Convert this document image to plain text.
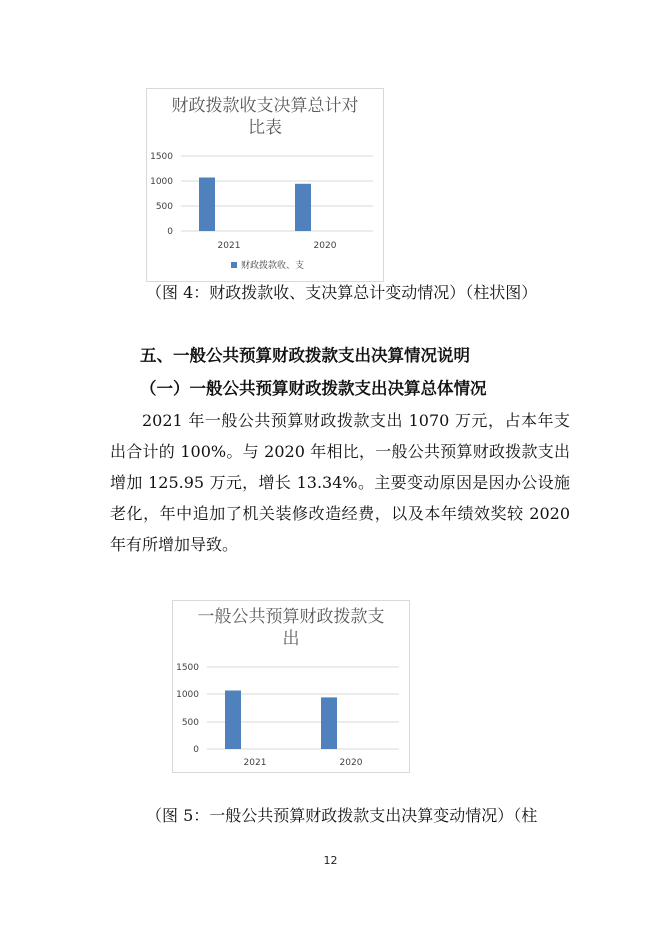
财政拨款收支决算总计对
比表
1500
1000
500
0
2021	2020
财政拨款收、支
（图 4：财政拨款收、支决算总计变动情况）（柱状图）
五、一般公共预算财政拨款支出决算情况说明
（一）一般公共预算财政拨款支出决算总体情况
2021 年一般公共预算财政拨款支出 1070 万元，占本年支出合计的 100%。与 2020 年相比，一般公共预算财政拨款支出增加 125.95 万元，增长 13.34%。主要变动原因是因办公设施老化，年中追加了机关装修改造经费，以及本年绩效奖较 2020 年有所增加导致。
一般公共预算财政拨款支
出
1500
1000
500
0
2021	2020
（图 5：一般公共预算财政拨款支出决算变动情况）（柱
12
